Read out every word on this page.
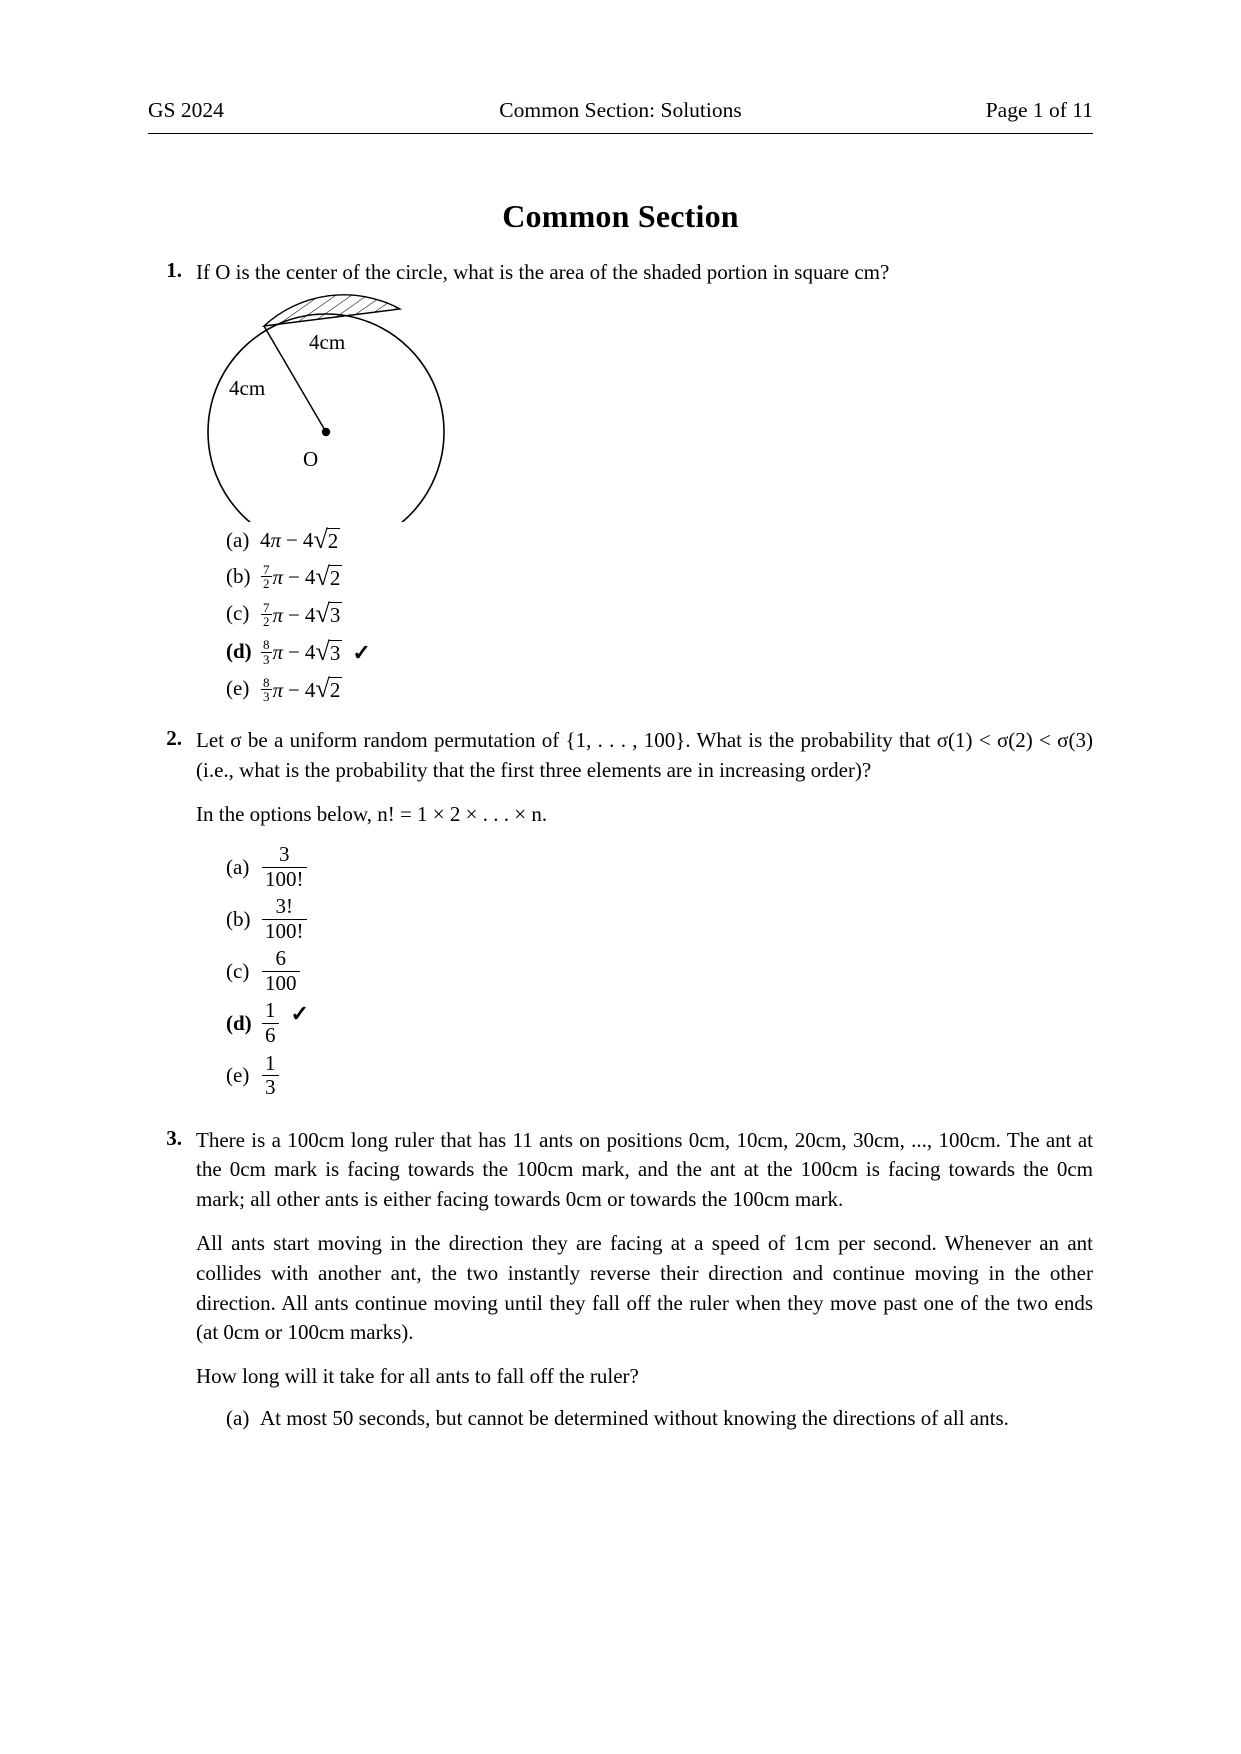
GS 2024	Page 1 of 11
Common Section: Solutions
Common Section
1. If O is the center of the circle, what is the area of the shaded portion in square cm?

4cm
4cm
O
(a) 4 π − 4 √ 2
$(b) \frac{7}{2}$ π − 4 √ 2
$(c) \frac{7}{2}$ π − 4 √ 3
$(d) \frac{8}{3}$ π − 4 √ 3 ✓
$(e) \frac{8}{3}$ π − 4 √ 2
2. Let σ be a uniform random permutation of {1, . . . , 100}. What is the probability that σ(1) < σ(2) < σ(3) (i.e., what is the probability that the first three elements are in increasing order)?

In the options below, n! = 1 × 2 × . . . × n.

$(a) \frac{3}{100!}$
$(b) \frac{3!}{100!}$
$(c) \frac{6}{100}$
$(d) \frac{1}{6}$ ✓
$(e) \frac{1}{3}$
3. There is a 100cm long ruler that has 11 ants on positions 0cm, 10cm, 20cm, 30cm, ..., 100cm. The ant at the 0cm mark is facing towards the 100cm mark, and the ant at the 100cm is facing towards the 0cm mark; all other ants is either facing towards 0cm or towards the 100cm mark.

All ants start moving in the direction they are facing at a speed of 1cm per second. Whenever an ant collides with another ant, the two instantly reverse their direction and continue moving in the other direction. All ants continue moving until they fall off the ruler when they move past one of the two ends (at 0cm or 100cm marks).

How long will it take for all ants to fall off the ruler?

(a) At most 50 seconds, but cannot be determined without knowing the directions of all ants.
